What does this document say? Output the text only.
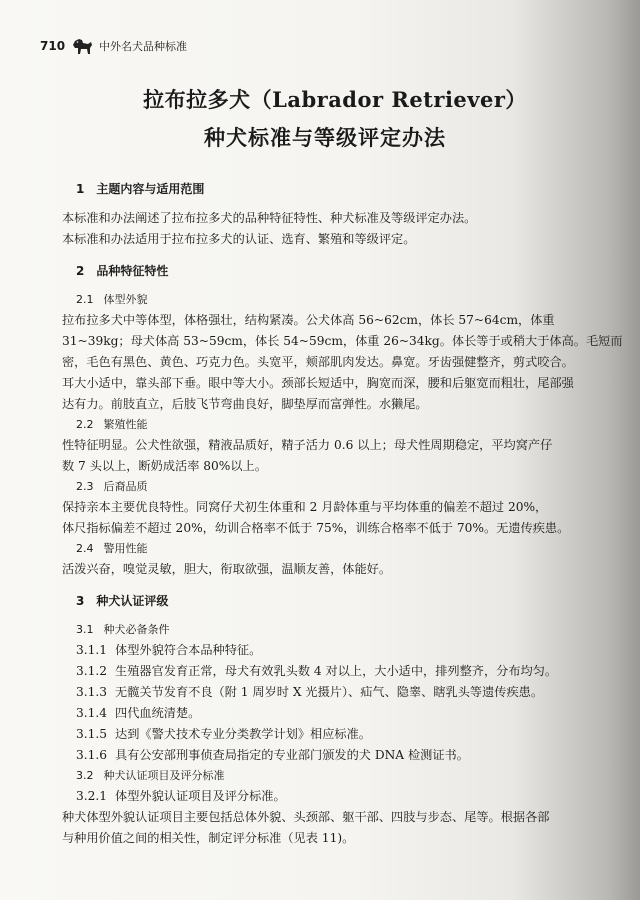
710	中外名犬品种标准
拉布拉多犬（Labrador Retriever）
种犬标准与等级评定办法
1 主题内容与适用范围
本标准和办法阐述了拉布拉多犬的品种特征特性、种犬标准及等级评定办法。
本标准和办法适用于拉布拉多犬的认证、选育、繁殖和等级评定。
2 品种特征特性
2.1 体型外貌
拉布拉多犬中等体型，体格强壮，结构紧凑。公犬体高 56~62cm，体长 57~64cm，体重
31~39kg；母犬体高 53~59cm，体长 54~59cm，体重 26~34kg。体长等于或稍大于体高。毛短而
密，毛色有黑色、黄色、巧克力色。头宽平，颊部肌肉发达。鼻宽。牙齿强健整齐，剪式咬合。
耳大小适中，靠头部下垂。眼中等大小。颈部长短适中，胸宽而深，腰和后躯宽而粗壮，尾部强
达有力。前肢直立，后肢飞节弯曲良好，脚垫厚而富弹性。水獭尾。
2.2 繁殖性能
性特征明显。公犬性欲强，精液品质好，精子活力 0.6 以上；母犬性周期稳定，平均窝产仔
数 7 头以上，断奶成活率 80%以上。
2.3 后裔品质
保持亲本主要优良特性。同窝仔犬初生体重和 2 月龄体重与平均体重的偏差不超过 20%，
体尺指标偏差不超过 20%，幼训合格率不低于 75%，训练合格率不低于 70%。无遗传疾患。
2.4 警用性能
活泼兴奋，嗅觉灵敏，胆大，衔取欲强，温顺友善，体能好。
3 种犬认证评级
3.1 种犬必备条件
3.1.1 体型外貌符合本品种特征。
3.1.2 生殖器官发育正常，母犬有效乳头数 4 对以上，大小适中，排列整齐，分布均匀。
3.1.3 无髋关节发育不良（附 1 周岁时 X 光摄片）、疝气、隐睾、瞎乳头等遗传疾患。
3.1.4 四代血统清楚。
3.1.5 达到《警犬技术专业分类教学计划》相应标准。
3.1.6 具有公安部刑事侦查局指定的专业部门颁发的犬 DNA 检测证书。
3.2 种犬认证项目及评分标准
3.2.1 体型外貌认证项目及评分标准。
种犬体型外貌认证项目主要包括总体外貌、头颈部、躯干部、四肢与步态、尾等。根据各部
与种用价值之间的相关性，制定评分标准（见表 11)。
